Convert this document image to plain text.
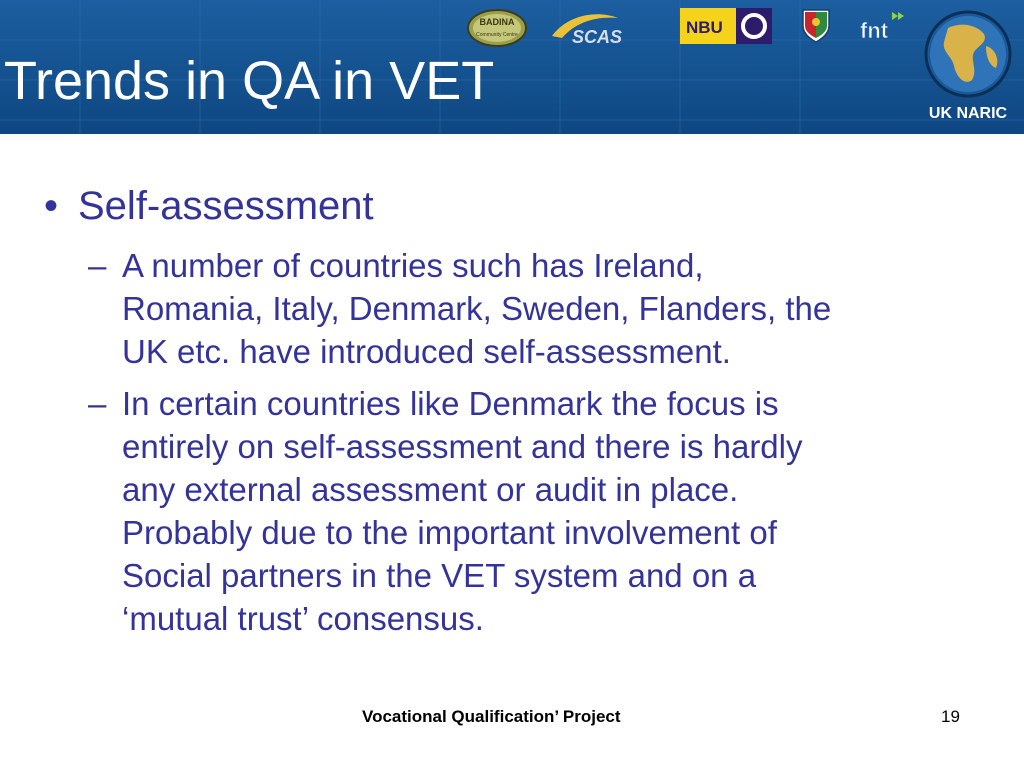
Trends in QA in VET
BADINA
Community Centre	SCAS	NBU	fnt
UK NARIC
• Self-assessment
– A number of countries such has Ireland,
Romania, Italy, Denmark, Sweden, Flanders, the
UK etc. have introduced self-assessment.
– In certain countries like Denmark the focus is
entirely on self-assessment and there is hardly
any external assessment or audit in place.
Probably due to the important involvement of
Social partners in the VET system and on a
‘mutual trust’ consensus.
Vocational Qualification’ Project	19
